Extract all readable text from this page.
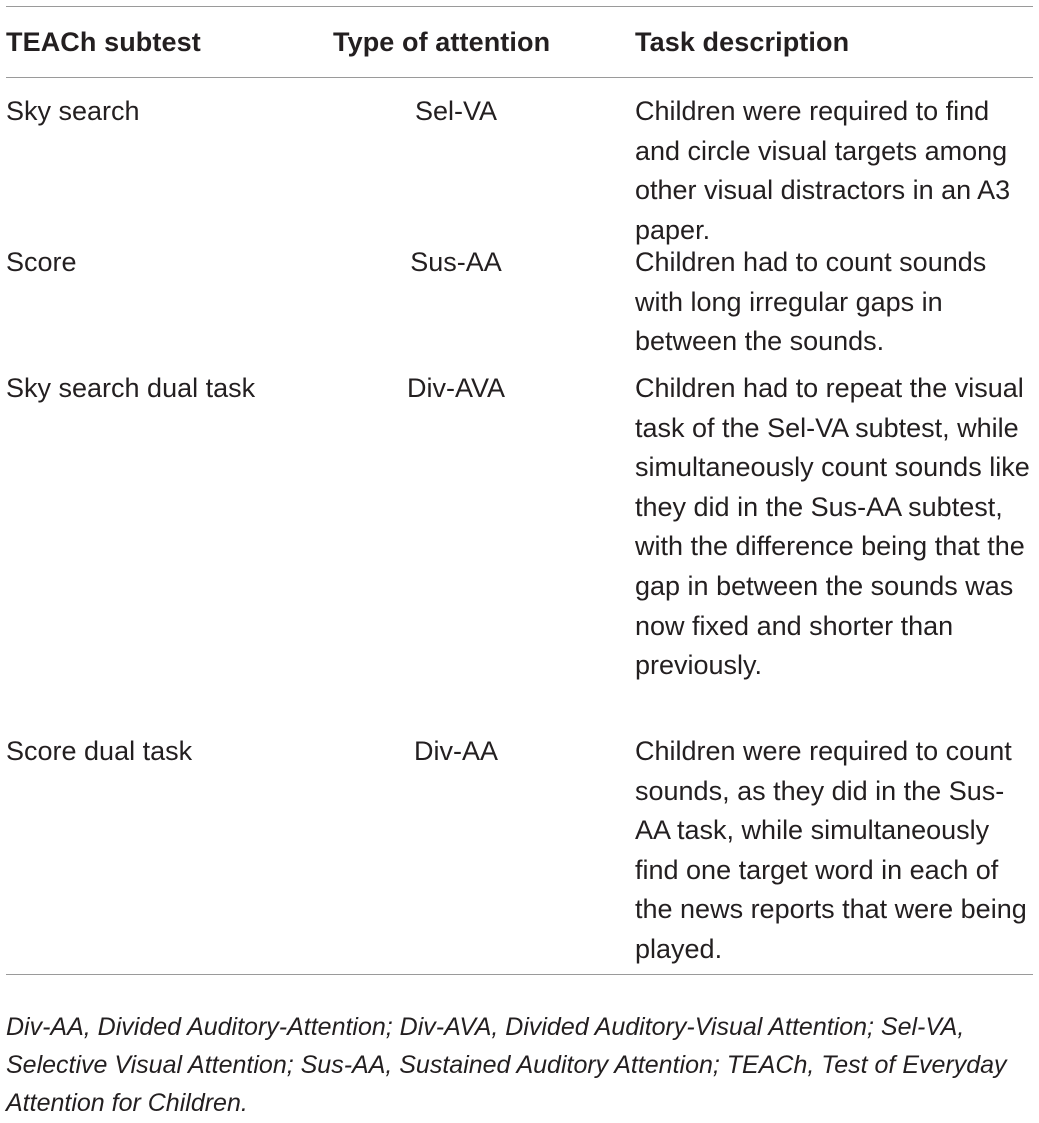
TEACh subtest	Type of attention	Task description
Sky search	Sel-VA	Children were required to find and circle visual targets among other visual distractors in an A3 paper.
Score	Sus-AA	Children had to count sounds with long irregular gaps in between the sounds.
Sky search dual task	Div-AVA	Children had to repeat the visual task of the Sel-VA subtest, while simultaneously count sounds like they did in the Sus-AA subtest, with the difference being that the gap in between the sounds was now fixed and shorter than previously.
Score dual task	Div-AA	Children were required to count sounds, as they did in the Sus-AA task, while simultaneously find one target word in each of the news reports that were being played.
Div-AA, Divided Auditory-Attention; Div-AVA, Divided Auditory-Visual Attention; Sel-VA, Selective Visual Attention; Sus-AA, Sustained Auditory Attention; TEACh, Test of Everyday Attention for Children.
